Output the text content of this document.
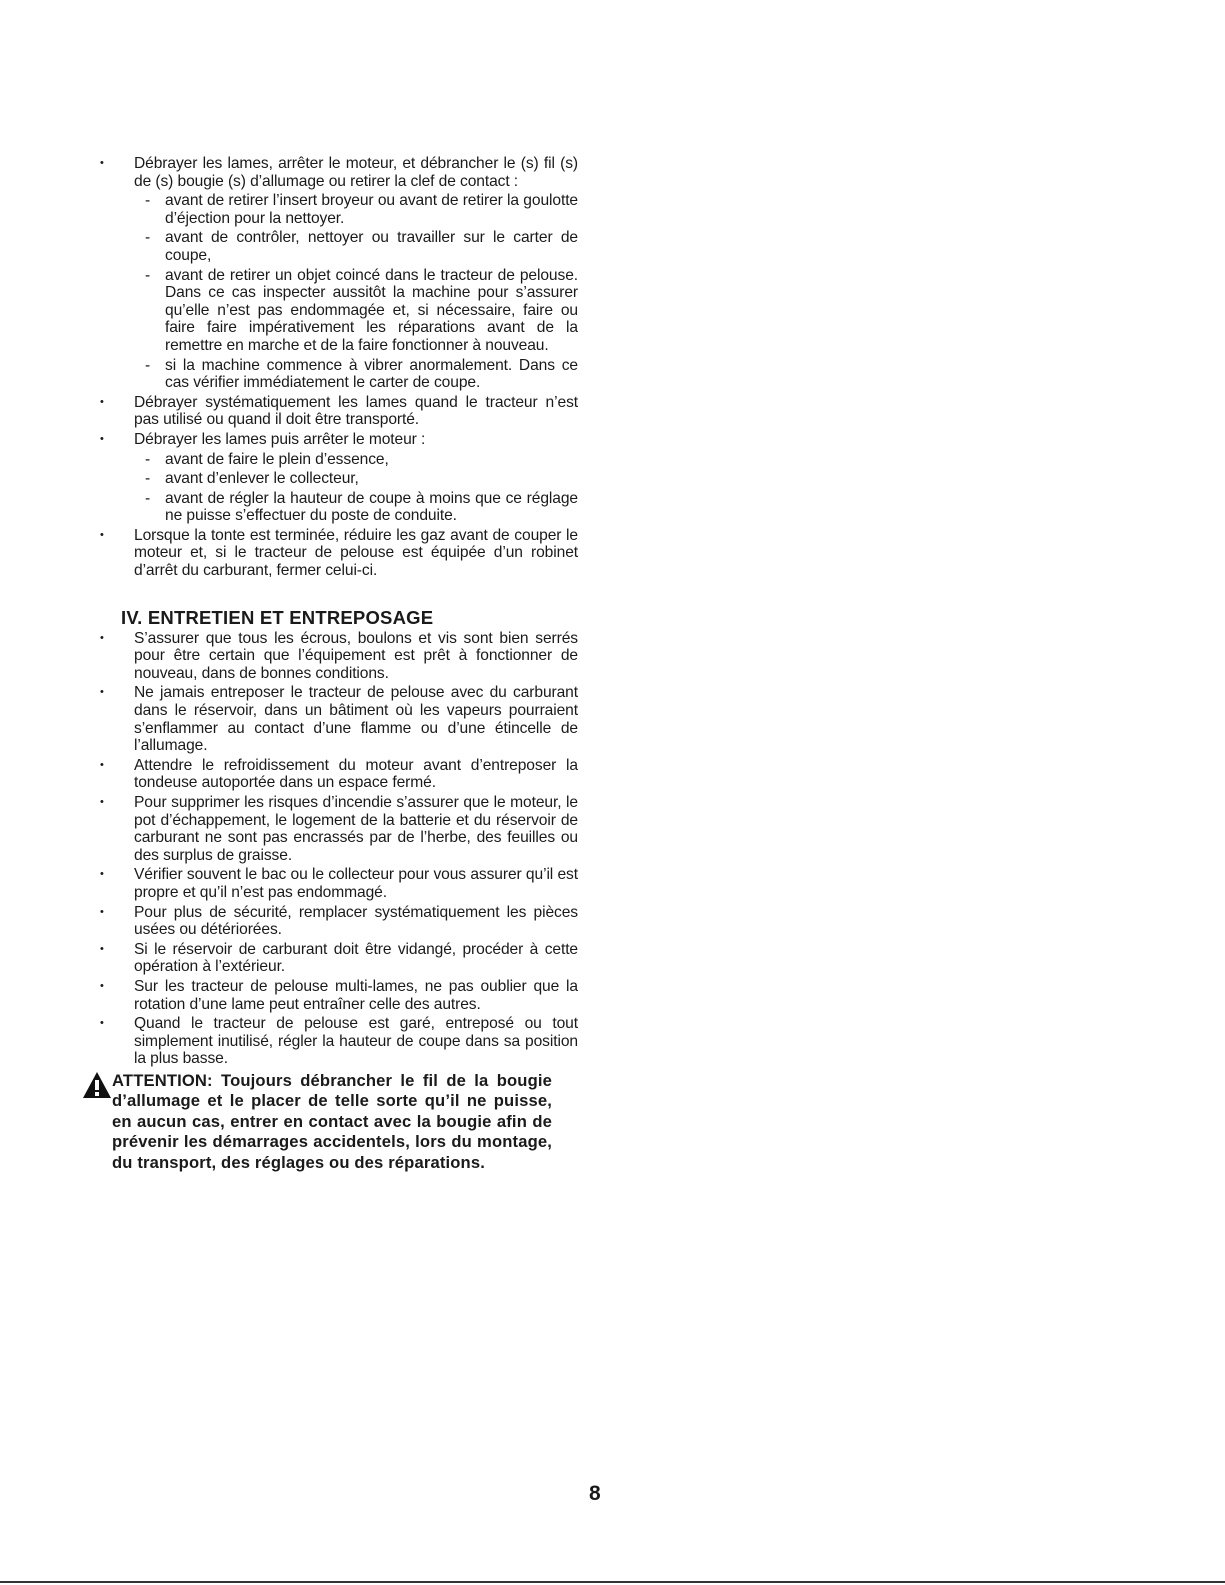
• Débrayer les lames, arrêter le moteur, et débrancher le (s) fil (s) de (s) bougie (s) d’allumage ou retirer la clef de contact :
- avant de retirer l’insert broyeur ou avant de retirer la goulotte d’éjection pour la nettoyer.
- avant de contrôler, nettoyer ou travailler sur le carter de coupe,
- avant de retirer un objet coincé dans le tracteur de pelouse. Dans ce cas inspecter aussitôt la machine pour s’assurer qu’elle n’est pas endommagée et, si nécessaire, faire ou faire faire impérativement les réparations avant de la remettre en marche et de la faire fonctionner à nouveau.
- si la machine commence à vibrer anormalement. Dans ce cas vérifier immédiatement le carter de coupe.
• Débrayer systématiquement les lames quand le tracteur n’est pas utilisé ou quand il doit être transporté.
• Débrayer les lames puis arrêter le moteur :
- avant de faire le plein d’essence,
- avant d’enlever le collecteur,
- avant de régler la hauteur de coupe à moins que ce réglage ne puisse s’effectuer du poste de conduite.
• Lorsque la tonte est terminée, réduire les gaz avant de couper le moteur et, si le tracteur de pelouse est équipée d’un robinet d’arrêt du carburant, fermer celui-ci.
IV. ENTRETIEN ET ENTREPOSAGE
• S’assurer que tous les écrous, boulons et vis sont bien serrés pour être certain que l’équipement est prêt à fonctionner de nouveau, dans de bonnes conditions.
• Ne jamais entreposer le tracteur de pelouse avec du carburant dans le réservoir, dans un bâtiment où les vapeurs pourraient s’enflammer au contact d’une flamme ou d’une étincelle de l’allumage.
• Attendre le refroidissement du moteur avant d’entreposer la tondeuse autoportée dans un espace fermé.
• Pour supprimer les risques d’incendie s’assurer que le moteur, le pot d’échappement, le logement de la batterie et du réservoir de carburant ne sont pas encrassés par de l’herbe, des feuilles ou des surplus de graisse.
• Vérifier souvent le bac ou le collecteur pour vous assurer qu’il est propre et qu’il n’est pas endommagé.
• Pour plus de sécurité, remplacer systématiquement les pièces usées ou détériorées.
• Si le réservoir de carburant doit être vidangé, procéder à cette opération à l’extérieur.
• Sur les tracteur de pelouse multi-lames, ne pas oublier que la rotation d’une lame peut entraîner celle des autres.
• Quand le tracteur de pelouse est garé, entreposé ou tout simplement inutilisé, régler la hauteur de coupe dans sa position la plus basse.
ATTENTION: Toujours débrancher le fil de la bougie d’allumage et le placer de telle sorte qu’il ne puisse, en aucun cas, entrer en contact avec la bougie afin de prévenir les démarrages accidentels, lors du montage, du transport, des réglages ou des réparations.
8
